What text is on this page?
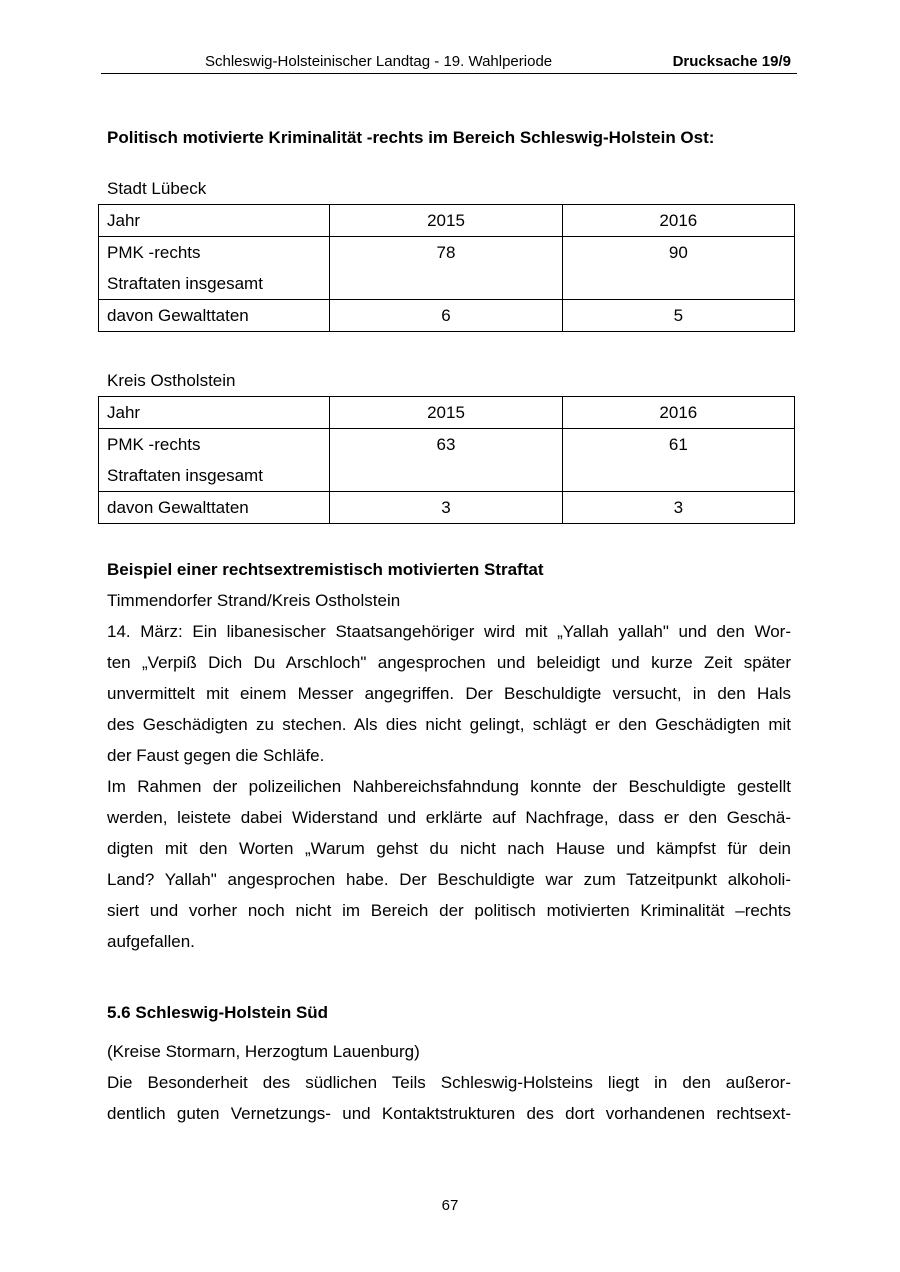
Schleswig-Holsteinischer Landtag - 19. Wahlperiode	Drucksache 19/9

Politisch motivierte Kriminalität -rechts im Bereich Schleswig-Holstein Ost:

Stadt Lübeck

Jahr	2015	2016

PMK -rechts
Straftaten insgesamt	78	90
davon Gewalttaten	6	5

Kreis Ostholstein

Jahr	2015	2016

PMK -rechts
Straftaten insgesamt	63	61
davon Gewalttaten	3	3

Beispiel einer rechtsextremistisch motivierten Straftat

Timmendorfer Strand/Kreis Ostholstein

14. März: Ein libanesischer Staatsangehöriger wird mit „Yallah yallah" und den Wor-
ten „Verpiß Dich Du Arschloch" angesprochen und beleidigt und kurze Zeit später
unvermittelt mit einem Messer angegriffen. Der Beschuldigte versucht, in den Hals
des Geschädigten zu stechen. Als dies nicht gelingt, schlägt er den Geschädigten mit
der Faust gegen die Schläfe.
Im Rahmen der polizeilichen Nahbereichsfahndung konnte der Beschuldigte gestellt
werden, leistete dabei Widerstand und erklärte auf Nachfrage, dass er den Geschä-
digten mit den Worten „Warum gehst du nicht nach Hause und kämpfst für dein
Land? Yallah" angesprochen habe. Der Beschuldigte war zum Tatzeitpunkt alkoholi-
siert und vorher noch nicht im Bereich der politisch motivierten Kriminalität –rechts
aufgefallen.

5.6 Schleswig-Holstein Süd

(Kreise Stormarn, Herzogtum Lauenburg)

Die Besonderheit des südlichen Teils Schleswig-Holsteins liegt in den außeror-
dentlich guten Vernetzungs- und Kontaktstrukturen des dort vorhandenen rechtsext-
67
